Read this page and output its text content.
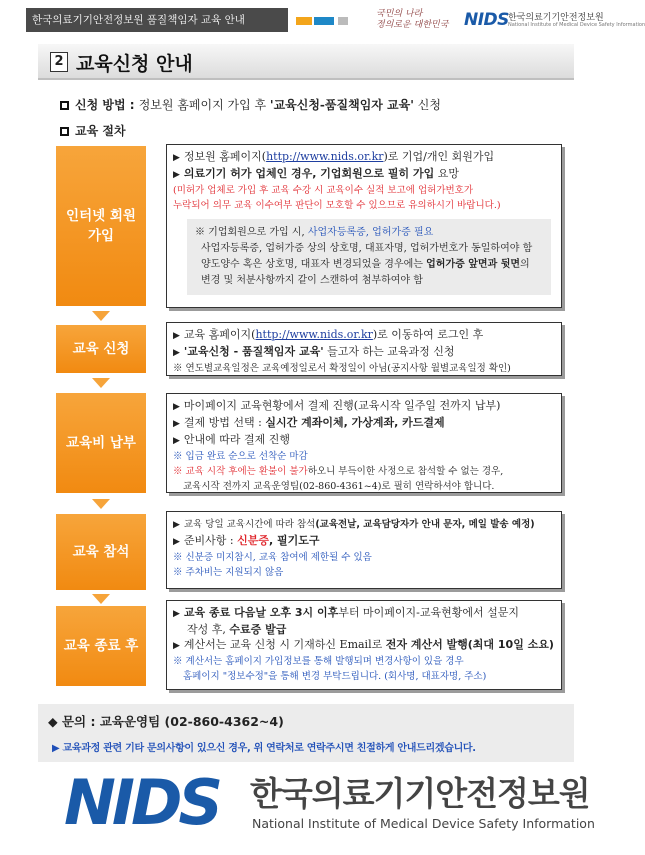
한국의료기기안전정보원 품질책임자 교육 안내	국민의 나라
정의로운 대한민국 NIDS 한국의료기기안전정보원
National Institute of Medical Device Safety Information
2 교육신청 안내
신청 방법 : 정보원 홈페이지 가입 후 '교육신청-품질책임자 교육' 신청
교육 절차
인터넷 회원
가입

▶ 정보원 홈페이지(http://www.nids.or.kr)로 기업/개인 회원가입

▶ 의료기기 허가 업체인 경우, 기업회원으로 필히 가입 요망

(미허가 업체로 가입 후 교육 수강 시 교육이수 실적 보고에 업허가번호가

누락되어 의무 교육 이수여부 판단이 모호할 수 있으므로 유의하시기 바랍니다.)

※ 기업회원으로 가입 시, 사업자등록증, 업허가증 필요

사업자등록증, 업허가증 상의 상호명, 대표자명, 업허가번호가 동일하여야 함

양도양수 혹은 상호명, 대표자 변경되었을 경우에는 업허가증 앞면과 뒷면의

변경 및 처분사항까지 같이 스캔하여 첨부하여야 함

교육 신청

▶ 교육 홈페이지(http://www.nids.or.kr)로 이동하여 로그인 후

▶ '교육신청 - 품질책임자 교육' 들고자 하는 교육과정 신청

※ 연도별교육일정은 교육예정일로서 확정일이 아님(공지사항 월별교육일정 확인)

교육비 납부

▶ 마이페이지 교육현황에서 결제 진행(교육시작 일주일 전까지 납부)

▶ 결제 방법 선택 : 실시간 계좌이체, 가상계좌, 카드결제

▶ 안내에 따라 결제 진행

※ 입금 완료 순으로 선착순 마감

※ 교육 시작 후에는 환불이 불가하오니 부득이한 사정으로 참석할 수 없는 경우,

교육시작 전까지 교육운영팀(02-860-4361~4)로 필히 연락하셔야 합니다.

교육 참석

▶ 교육 당일 교육시간에 따라 참석(교육전날, 교육담당자가 안내 문자, 메일 발송 예정)

▶ 준비사항 : 신분증, 필기도구

※ 신분증 미지참시, 교육 참여에 제한될 수 있음

※ 주차비는 지원되지 않음

교육 종료 후

▶ 교육 종료 다음날 오후 3시 이후부터 마이페이지-교육현황에서 설문지

작성 후, 수료증 발급

▶ 계산서는 교육 신청 시 기재하신 Email로 전자 계산서 발행(최대 10일 소요)

※ 계산서는 홈페이지 가입정보를 통해 발행되며 변경사항이 있을 경우

홈페이지 "정보수정"을 통해 변경 부탁드립니다. (회사명, 대표자명, 주소)

◆ 문의 : 교육운영팀 (02-860-4362~4)
▶ 교육과정 관련 기타 문의사항이 있으신 경우, 위 연락처로 연락주시면 친절하게 안내드리겠습니다.
NIDS 한국의료기기안전정보원
National Institute of Medical Device Safety Information
